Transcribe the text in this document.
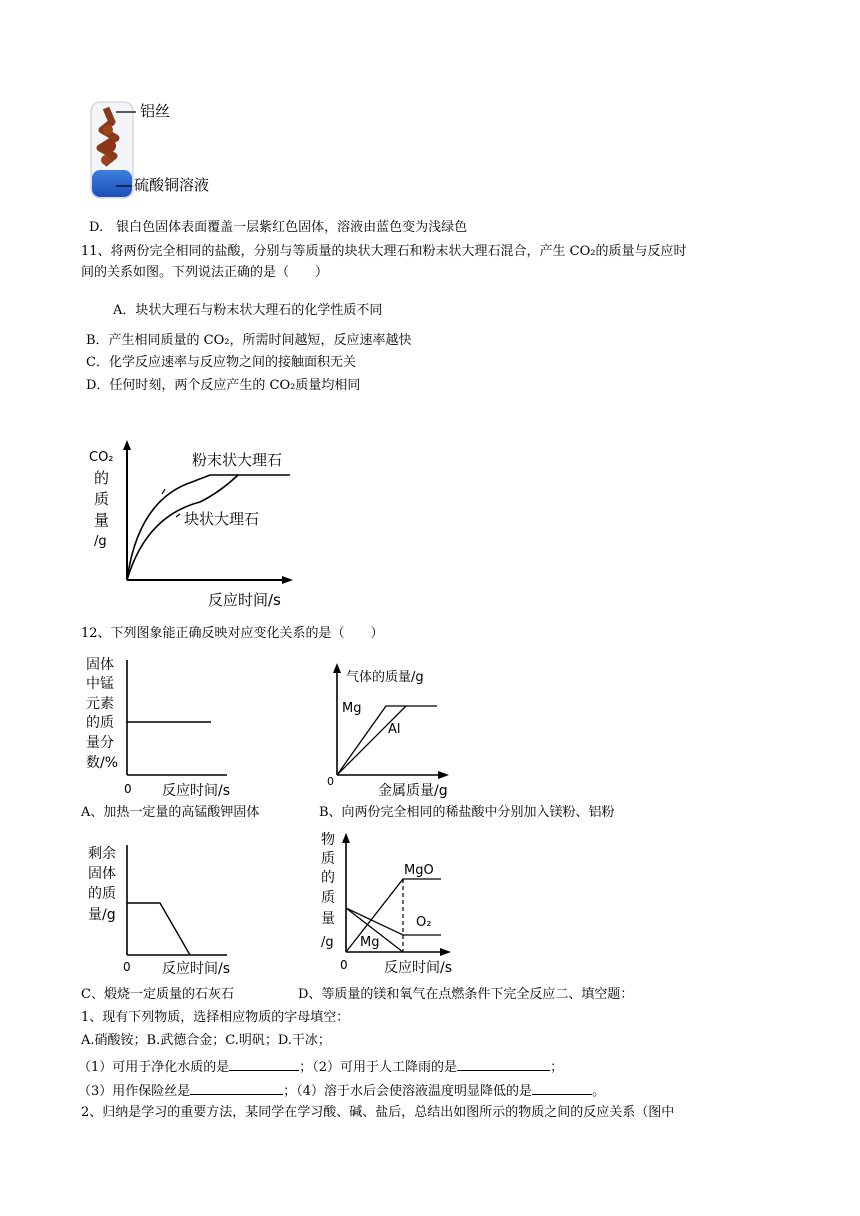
铝丝
硫酸铜溶液
D.　银白色固体表面覆盖一层紫红色固体，溶液由蓝色变为浅绿色
11、将两份完全相同的盐酸，分别与等质量的块状大理石和粉末状大理石混合，产生 CO₂的质量与反应时
间的关系如图。下列说法正确的是（　　）
A．块状大理石与粉末状大理石的化学性质不同
B．产生相同质量的 CO₂，所需时间越短，反应速率越快
C．化学反应速率与反应物之间的接触面积无关
D．任何时刻，两个反应产生的 CO₂质量均相同
CO₂
的
质
量
/g
粉末状大理石
块状大理石
反应时间/s
12、下列图象能正确反映对应变化关系的是（　　）
固体
中锰
元素
的质
量分
数/%
0 反应时间/s
A、加热一定量的高锰酸钾固体
气体的质量/g
Mg
Al
0
金属质量/g
B、向两份完全相同的稀盐酸中分别加入镁粉、铝粉
剩余
固体
的质
量/g
0 反应时间/s
物
质
的
质
量
/g
MgO
O₂
Mg
0	反应时间/s
C、煅烧一定质量的石灰石	D、等质量的镁和氧气在点燃条件下完全反应二、填空题：
1、现有下列物质，选择相应物质的字母填空：
A.硝酸铵；B.武德合金；C.明矾；D.干冰；
（1）可用于净化水质的是	；（2）可用于人工降雨的是	；
（3）用作保险丝是	；（4）溶于水后会使溶液温度明显降低的是	。
2、归纳是学习的重要方法，某同学在学习酸、碱、盐后，总结出如图所示的物质之间的反应关系（图中
